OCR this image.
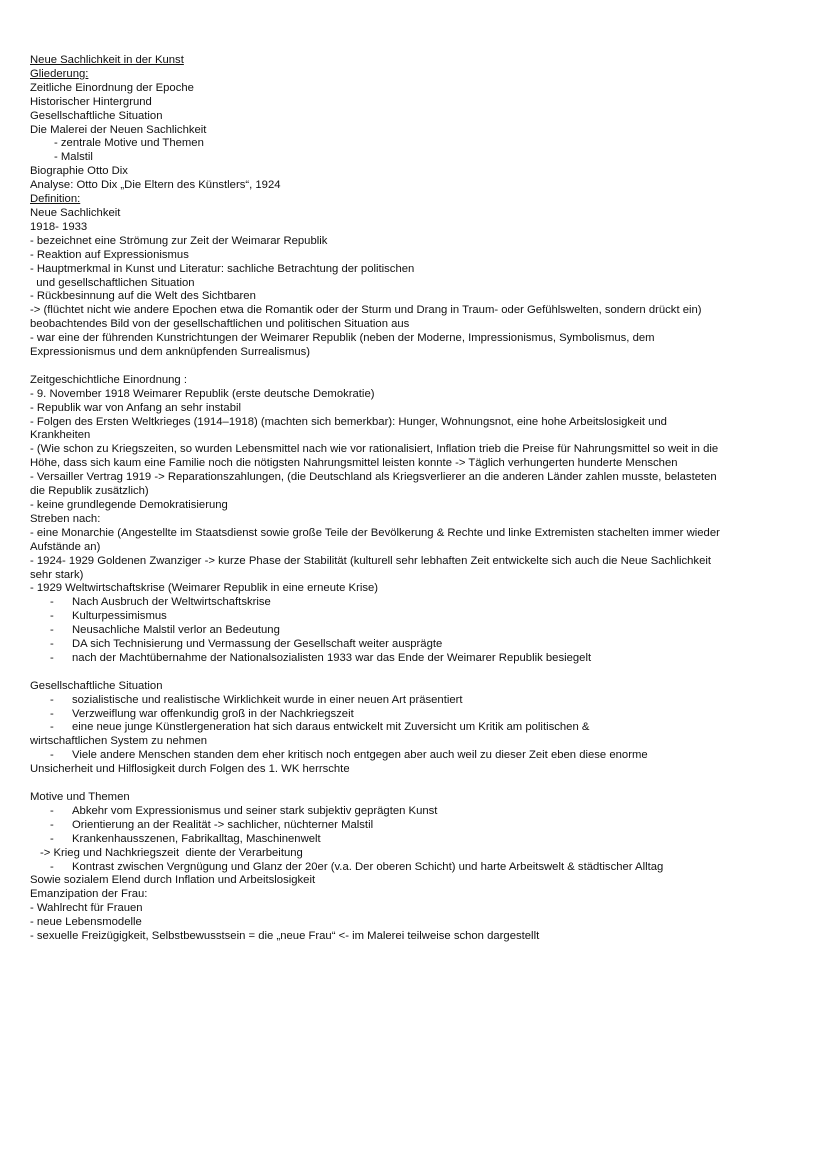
Neue Sachlichkeit in der Kunst
Gliederung:
Zeitliche Einordnung der Epoche
Historischer Hintergrund
Gesellschaftliche Situation
Die Malerei der Neuen Sachlichkeit
- zentrale Motive und Themen
- Malstil
Biographie Otto Dix
Analyse: Otto Dix „Die Eltern des Künstlers“, 1924
Definition:
Neue Sachlichkeit
1918- 1933
- bezeichnet eine Strömung zur Zeit der Weimarar Republik
- Reaktion auf Expressionismus
- Hauptmerkmal in Kunst und Literatur: sachliche Betrachtung der politischen
und gesellschaftlichen Situation
- Rückbesinnung auf die Welt des Sichtbaren
-> (flüchtet nicht wie andere Epochen etwa die Romantik oder der Sturm und Drang in Traum- oder Gefühlswelten, sondern drückt ein)
beobachtendes Bild von der gesellschaftlichen und politischen Situation aus
- war eine der führenden Kunstrichtungen der Weimarer Republik (neben der Moderne, Impressionismus, Symbolismus, dem Expressionismus und dem anknüpfenden Surrealismus)
Zeitgeschichtliche Einordnung :
- 9. November 1918 Weimarer Republik (erste deutsche Demokratie)
- Republik war von Anfang an sehr instabil
- Folgen des Ersten Weltkrieges (1914–1918) (machten sich bemerkbar): Hunger, Wohnungsnot, eine hohe Arbeitslosigkeit und Krankheiten
- (Wie schon zu Kriegszeiten, so wurden Lebensmittel nach wie vor rationalisiert, Inflation trieb die Preise für Nahrungsmittel so weit in die Höhe, dass sich kaum eine Familie noch die nötigsten Nahrungsmittel leisten konnte -> Täglich verhungerten hunderte Menschen
- Versailler Vertrag 1919 -> Reparationszahlungen, (die Deutschland als Kriegsverlierer an die anderen Länder zahlen musste, belasteten die Republik zusätzlich)
- keine grundlegende Demokratisierung
Streben nach:
- eine Monarchie (Angestellte im Staatsdienst sowie große Teile der Bevölkerung & Rechte und linke Extremisten stachelten immer wieder Aufstände an)
- 1924- 1929 Goldenen Zwanziger -> kurze Phase der Stabilität (kulturell sehr lebhaften Zeit entwickelte sich auch die Neue Sachlichkeit sehr stark)
- 1929 Weltwirtschaftskrise (Weimarer Republik in eine erneute Krise)
- Nach Ausbruch der Weltwirtschaftskrise
- Kulturpessimismus
- Neusachliche Malstil verlor an Bedeutung
- DA sich Technisierung und Vermassung der Gesellschaft weiter ausprägte
- nach der Machtübernahme der Nationalsozialisten 1933 war das Ende der Weimarer Republik besiegelt
Gesellschaftliche Situation
- sozialistische und realistische Wirklichkeit wurde in einer neuen Art präsentiert
- Verzweiflung war offenkundig groß in der Nachkriegszeit
- eine neue junge Künstlergeneration hat sich daraus entwickelt mit Zuversicht um Kritik am politischen &
wirtschaftlichen System zu nehmen
- Viele andere Menschen standen dem eher kritisch noch entgegen aber auch weil zu dieser Zeit eben diese enorme
Unsicherheit und Hilflosigkeit durch Folgen des 1. WK herrschte
Motive und Themen
- Abkehr vom Expressionismus und seiner stark subjektiv geprägten Kunst
- Orientierung an der Realität -> sachlicher, nüchterner Malstil
- Krankenhausszenen, Fabrikalltag, Maschinenwelt
-> Krieg und Nachkriegszeit  diente der Verarbeitung
- Kontrast zwischen Vergnügung und Glanz der 20er (v.a. Der oberen Schicht) und harte Arbeitswelt & städtischer Alltag
Sowie sozialem Elend durch Inflation und Arbeitslosigkeit
Emanzipation der Frau:
- Wahlrecht für Frauen
- neue Lebensmodelle
- sexuelle Freizügigkeit, Selbstbewusstsein = die „neue Frau“ <- im Malerei teilweise schon dargestellt
